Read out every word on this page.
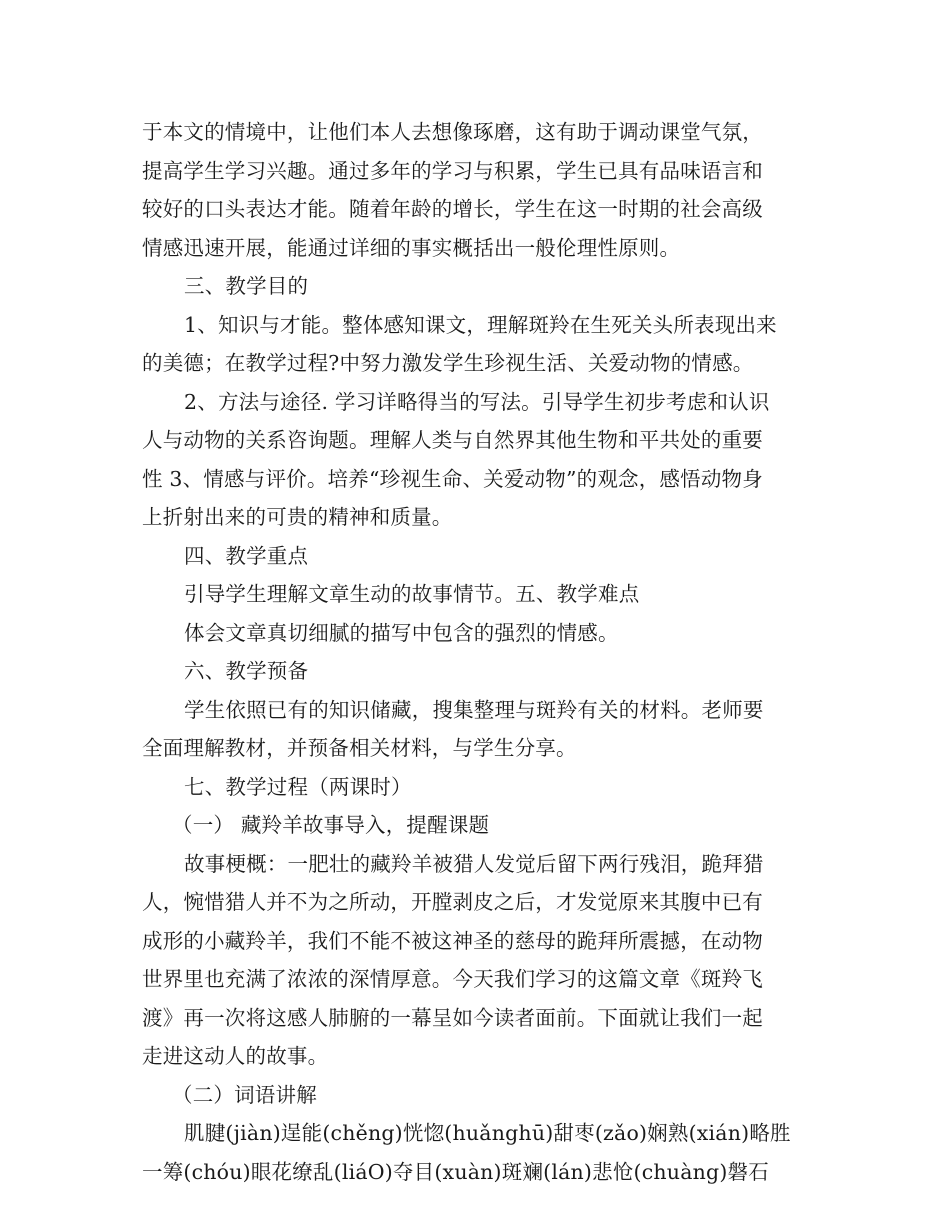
于本文的情境中，让他们本人去想像琢磨，这有助于调动课堂气氛，
提高学生学习兴趣。通过多年的学习与积累，学生已具有品味语言和
较好的口头表达才能。随着年龄的增长，学生在这一时期的社会高级
情感迅速开展，能通过详细的事实概括出一般伦理性原则。
三、教学目的
1、知识与才能。整体感知课文，理解斑羚在生死关头所表现出来
的美德；在教学过程?中努力激发学生珍视生活、关爱动物的情感。
2、方法与途径. 学习详略得当的写法。引导学生初步考虑和认识
人与动物的关系咨询题。理解人类与自然界其他生物和平共处的重要
性 3、情感与评价。培养“珍视生命、关爱动物”的观念，感悟动物身
上折射出来的可贵的精神和质量。
四、教学重点
引导学生理解文章生动的故事情节。五、教学难点
体会文章真切细腻的描写中包含的强烈的情感。
六、教学预备
学生依照已有的知识储藏，搜集整理与斑羚有关的材料。老师要
全面理解教材，并预备相关材料，与学生分享。
七、教学过程（两课时）
（一） 藏羚羊故事导入，提醒课题
故事梗概：一肥壮的藏羚羊被猎人发觉后留下两行残泪，跪拜猎
人，惋惜猎人并不为之所动，开膛剥皮之后，才发觉原来其腹中已有
成形的小藏羚羊，我们不能不被这神圣的慈母的跪拜所震撼，在动物
世界里也充满了浓浓的深情厚意。今天我们学习的这篇文章《斑羚飞
渡》再一次将这感人肺腑的一幕呈如今读者面前。下面就让我们一起
走进这动人的故事。
（二）词语讲解
肌腱(jiàn)逞能(chěng)恍惚(huǎnghū)甜枣(zǎo)娴熟(xián)略胜
一筹(chóu)眼花缭乱(liáO)夺目(xuàn)斑斓(lán)悲怆(chuàng)磐石
